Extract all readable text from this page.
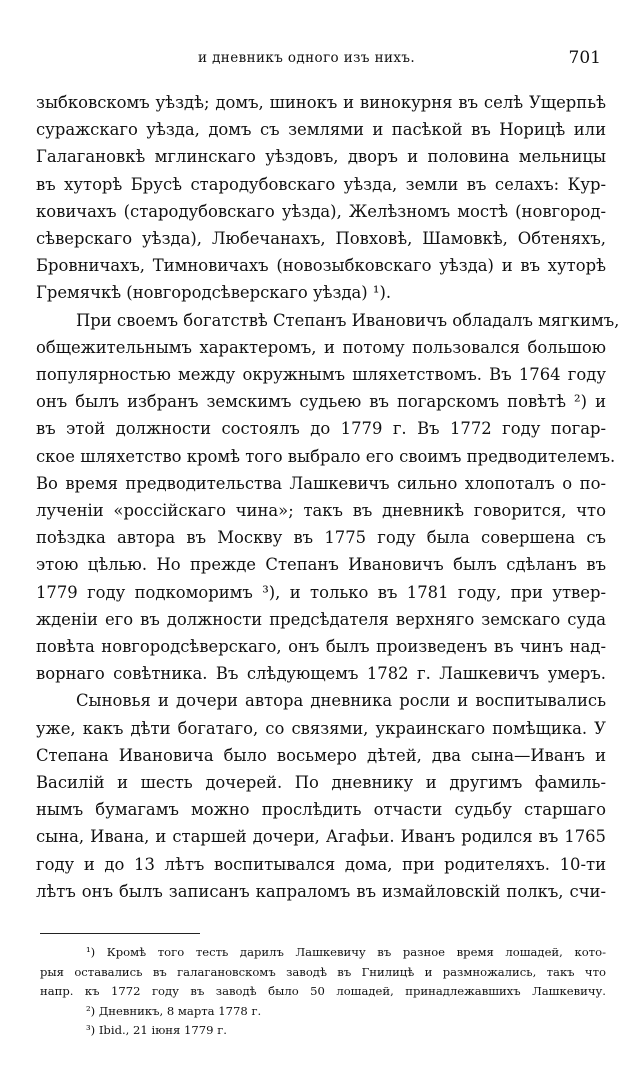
и дневникъ одного изъ нихъ.	701
зыбковскомъ уѣздѣ; домъ, шинокъ и винокурня въ селѣ Ущерпьѣ
суражскаго уѣзда, домъ съ землями и пасѣкой въ Норицѣ или
Галагановкѣ мглинскаго уѣздовъ, дворъ и половина мельницы
въ хуторѣ Брусѣ стародубовскаго уѣзда, земли въ селахъ: Кур-
ковичахъ (стародубовскаго уѣзда), Желѣзномъ мостѣ (новгород-
сѣверскаго уѣзда), Любечанахъ, Повховѣ, Шамовкѣ, Обтеняхъ,
Бровничахъ, Тимновичахъ (новозыбковскаго уѣзда) и въ хуторѣ
Гремячкѣ (новгородсѣверскаго уѣзда) ¹).
При своемъ богатствѣ Степанъ Ивановичъ обладалъ мягкимъ,
общежительнымъ характеромъ, и потому пользовался большою
популярностью между окружнымъ шляхетствомъ. Въ 1764 году
онъ былъ избранъ земскимъ судьею въ погарскомъ повѣтѣ ²) и
въ этой должности состоялъ до 1779 г. Въ 1772 году погар-
ское шляхетство кромѣ того выбрало его своимъ предводителемъ.
Во время предводительства Лашкевичъ сильно хлопоталъ о по-
лученіи «россійскаго чина»; такъ въ дневникѣ говорится, что
поѣздка автора въ Москву въ 1775 году была совершена съ
этою цѣлью. Но прежде Степанъ Ивановичъ былъ сдѣланъ въ
1779 году подкоморимъ ³), и только въ 1781 году, при утвер-
жденіи его въ должности предсѣдателя верхняго земскаго суда
повѣта новгородсѣверскаго, онъ былъ произведенъ въ чинъ над-
ворнаго совѣтника. Въ слѣдующемъ 1782 г. Лашкевичъ умеръ.
Сыновья и дочери автора дневника росли и воспитывались
уже, какъ дѣти богатаго, со связями, украинскаго помѣщика. У
Степана Ивановича было восьмеро дѣтей, два сына—Иванъ и
Василій и шесть дочерей. По дневнику и другимъ фамиль-
нымъ бумагамъ можно прослѣдить отчасти судьбу старшаго
сына, Ивана, и старшей дочери, Агафьи. Иванъ родился въ 1765
году и до 13 лѣтъ воспитывался дома, при родителяхъ. 10-ти
лѣтъ онъ былъ записанъ капраломъ въ измайловскій полкъ, счи-
¹) Кромѣ того тесть дарилъ Лашкевичу въ разное время лошадей, кото-
рыя оставались въ галагановскомъ заводѣ въ Гнилицѣ и размножались, такъ что
напр. къ 1772 году въ заводѣ было 50 лошадей, принадлежавшихъ Лашкевичу.
²) Дневникъ, 8 марта 1778 г.
³) Ibid., 21 іюня 1779 г.
